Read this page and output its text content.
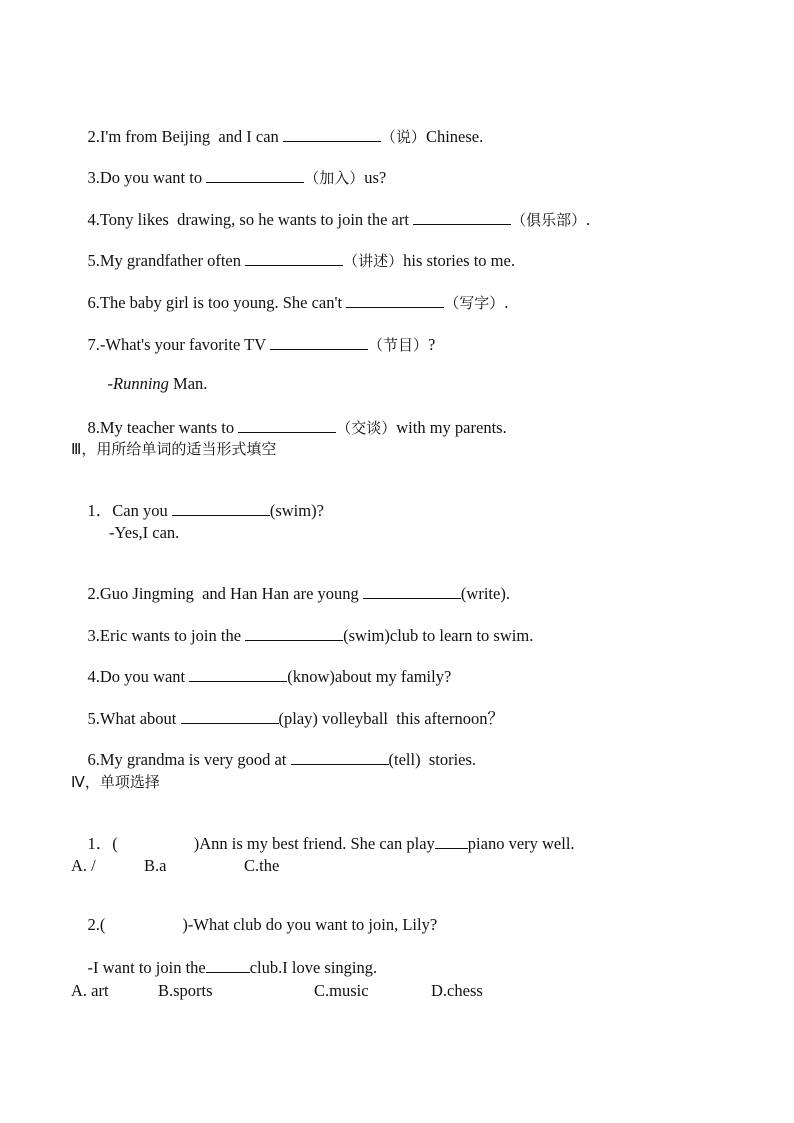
2.I'm from Beijing  and I can	（说）Chinese.

3.Do you want to	（加入）us?

4.Tony likes  drawing, so he wants to join the art	（俱乐部）.

5.My grandfather often	（讲述）his stories to me.

6.The baby girl is too young. She can't	（写字）.

7.-What's your favorite TV	（节目）?

-Running Man.

8.My teacher wants to	（交谈）with my parents.

Ⅲ，用所给单词的适当形式填空

1．Can you	(swim)?

-Yes,I can.

2.Guo Jingming  and Han Han are young	(write).

3.Eric wants to join the	(swim)club to learn to swim.

4.Do you want	(know)about my family?

5.What about	(play) volleyball  this afternoon？

6.My grandma is very good at	(tell)  stories.

Ⅳ，单项选择

1．(	)Ann is my best friend. She can play piano very well.

A. /	B.a	C.the

2.(	)-What club do you want to join, Lily?

-I want to join the	club.I love singing.

A. art	B.sports	C.music	D.chess
